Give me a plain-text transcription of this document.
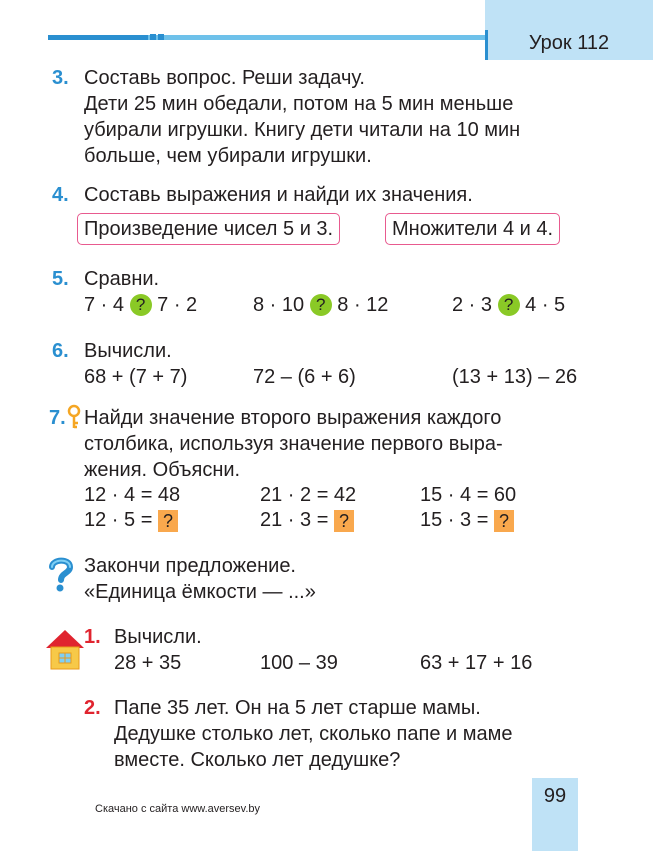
Урок 112
3. Составь вопрос. Реши задачу.
Дети 25 мин обедали, потом на 5 мин меньше
убирали игрушки. Книгу дети читали на 10 мин
больше, чем убирали игрушки.
4. Составь выражения и найди их значения.
Произведение чисел 5 и 3.	Множители 4 и 4.
5. Сравни.
7 · 4 ? 7 · 2	8 · 10 ? 8 · 12	2 · 3 ? 4 · 5
6. Вычисли.
68 + (7 + 7)	72 – (6 + 6)	(13 + 13) – 26
7. Найди значение второго выражения каждого
столбика, используя значение первого выра-
жения. Объясни.
12 · 4 = 48	21 · 2 = 42	15 · 4 = 60
12 · 5 = ?	21 · 3 = ?	15 · 3 = ?
Закончи предложение.
«Единица ёмкости — ...»
1. Вычисли.
28 + 35	100 – 39	63 + 17 + 16
2. Папе 35 лет. Он на 5 лет старше мамы.
Дедушке столько лет, сколько папе и маме
вместе. Сколько лет дедушке?
Скачано с сайта www.aversev.by
99
